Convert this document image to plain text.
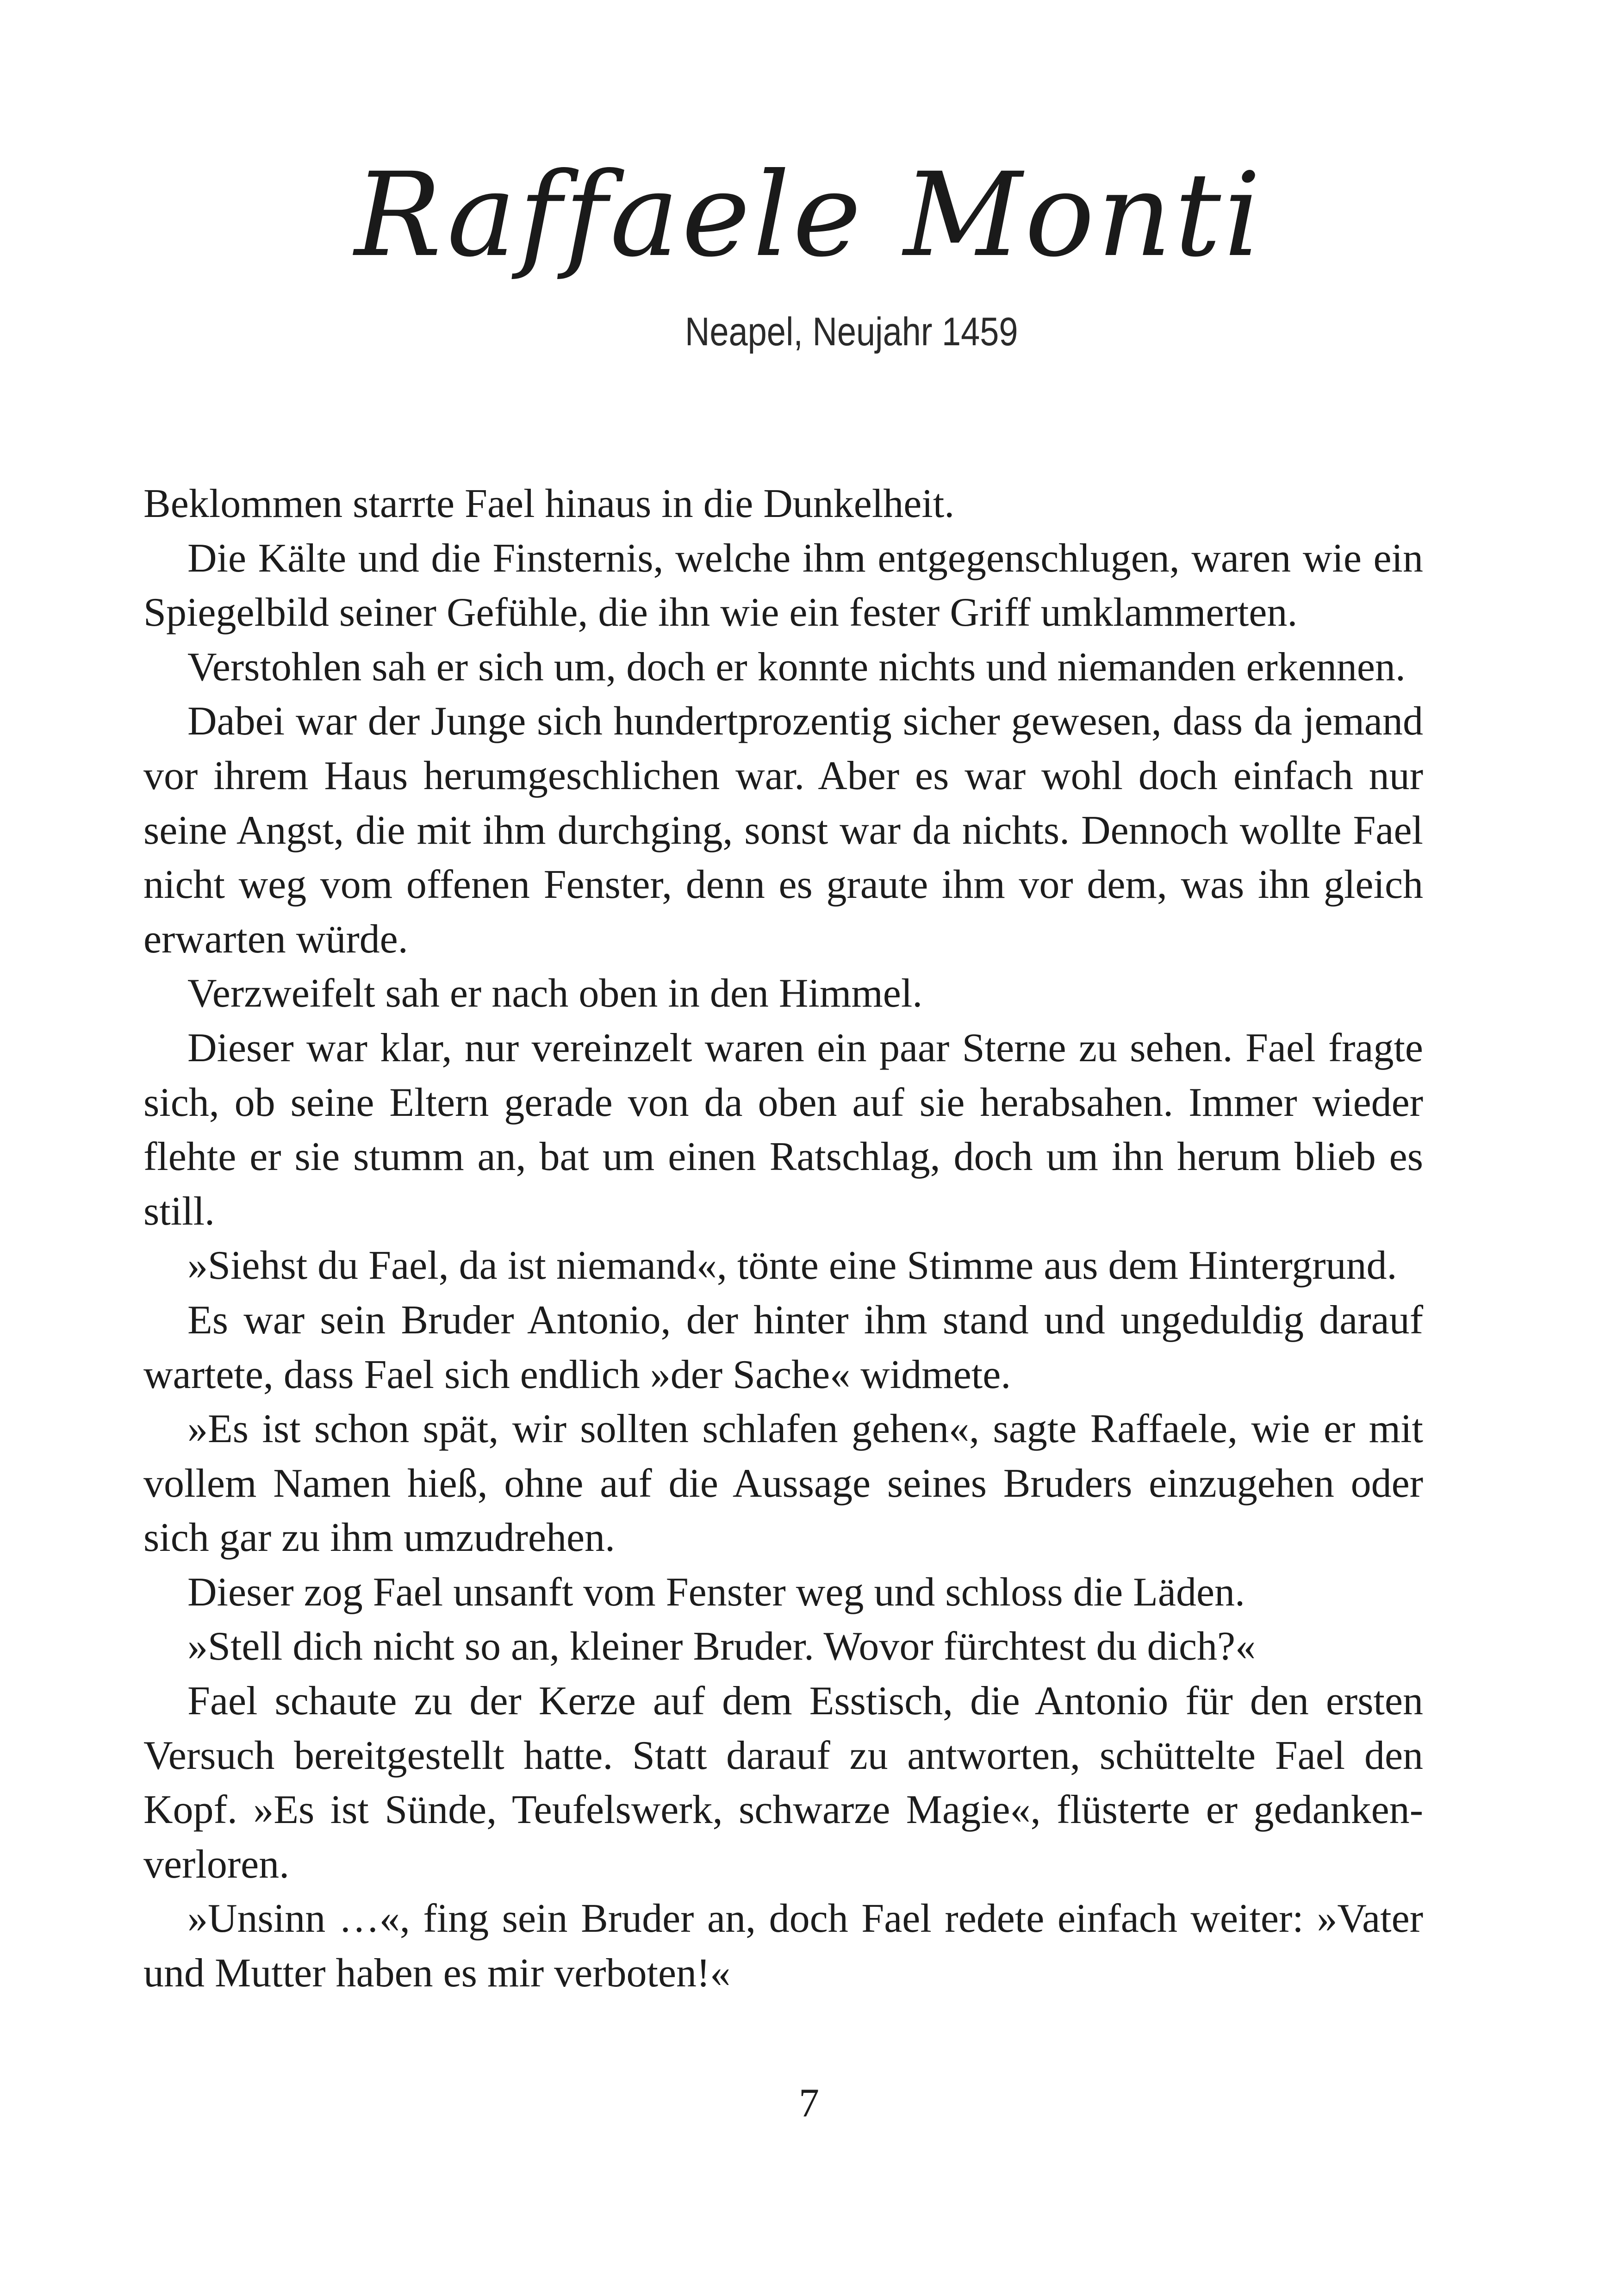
Raffaele Monti

Neapel, Neujahr 1459

Beklommen starrte Fael hinaus in die Dunkelheit.

Die Kälte und die Finsternis, welche ihm entgegenschlugen, waren wie ein Spiegelbild seiner Gefühle, die ihn wie ein fester Griff umklammerten.

Verstohlen sah er sich um, doch er konnte nichts und niemanden erkennen.

Dabei war der Junge sich hundertprozentig sicher gewesen, dass da jemand vor ihrem Haus herumgeschlichen war. Aber es war wohl doch einfach nur seine Angst, die mit ihm durchging, sonst war da nichts. Dennoch wollte Fael nicht weg vom offenen Fenster, denn es graute ihm vor dem, was ihn gleich erwarten würde.

Verzweifelt sah er nach oben in den Himmel.

Dieser war klar, nur vereinzelt waren ein paar Sterne zu sehen. Fael fragte sich, ob seine Eltern gerade von da oben auf sie herabsahen. Immer wieder flehte er sie stumm an, bat um einen Ratschlag, doch um ihn herum blieb es still.

»Siehst du Fael, da ist niemand«, tönte eine Stimme aus dem Hintergrund.

Es war sein Bruder Antonio, der hinter ihm stand und ungeduldig darauf wartete, dass Fael sich endlich »der Sache« widmete.

»Es ist schon spät, wir sollten schlafen gehen«, sagte Raffaele, wie er mit vollem Namen hieß, ohne auf die Aussage seines Bruders einzugehen oder sich gar zu ihm umzudrehen.

Dieser zog Fael unsanft vom Fenster weg und schloss die Läden.

»Stell dich nicht so an, kleiner Bruder. Wovor fürchtest du dich?«

Fael schaute zu der Kerze auf dem Esstisch, die Antonio für den ersten Versuch bereitgestellt hatte. Statt darauf zu antworten, schüttelte Fael den Kopf. »Es ist Sünde, Teufelswerk, schwarze Magie«, flüsterte er gedankenverloren.

»Unsinn …«, fing sein Bruder an, doch Fael redete einfach weiter: »Vater und Mutter haben es mir verboten!«

7
